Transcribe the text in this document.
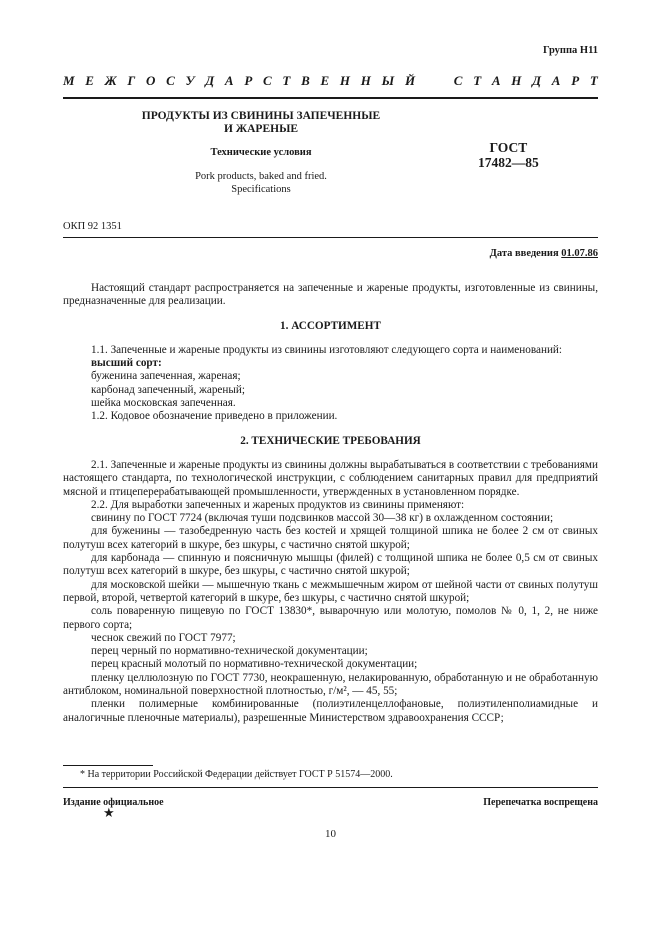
Группа Н11
М Е Ж Г О С У Д А Р С Т В Е Н Н Ы Й

	С Т А Н Д А Р Т
ПРОДУКТЫ ИЗ СВИНИНЫ ЗАПЕЧЕННЫЕ
И ЖАРЕНЫЕ
ГОСТ
17482—85
Технические условия
Pork products, baked and fried.
Specifications
ОКП 92 1351
Дата введения 01.07.86

Настоящий стандарт распространяется на запеченные и жареные продукты, изготовленные из свинины, предназначенные для реализации.

1. АССОРТИМЕНТ

1.1. Запеченные и жареные продукты из свинины изготовляют следующего сорта и наименований:

высший сорт:

буженина запеченная, жареная;

карбонад запеченный, жареный;

шейка московская запеченная.

1.2. Кодовое обозначение приведено в приложении.

2. ТЕХНИЧЕСКИЕ ТРЕБОВАНИЯ

2.1. Запеченные и жареные продукты из свинины должны вырабатываться в соответствии с требованиями настоящего стандарта, по технологической инструкции, с соблюдением санитарных правил для предприятий мясной и птицеперерабатывающей промышленности, утвержденных в установленном порядке.

2.2. Для выработки запеченных и жареных продуктов из свинины применяют:

свинину по ГОСТ 7724 (включая туши подсвинков массой 30—38 кг) в охлажденном состоянии;

для буженины — тазобедренную часть без костей и хрящей толщиной шпика не более 2 см от свиных полутуш всех категорий в шкуре, без шкуры, с частично снятой шкурой;

для карбонада — спинную и поясничную мышцы (филей) с толщиной шпика не более 0,5 см от свиных полутуш всех категорий в шкуре, без шкуры, с частично снятой шкурой;

для московской шейки — мышечную ткань с межмышечным жиром от шейной части от свиных полутуш первой, второй, четвертой категорий в шкуре, без шкуры, с частично снятой шкурой;

соль поваренную пищевую по ГОСТ 13830*, выварочную или молотую, помолов № 0, 1, 2, не ниже первого сорта;

чеснок свежий по ГОСТ 7977;

перец черный по нормативно-технической документации;

перец красный молотый по нормативно-технической документации;

пленку целлюлозную по ГОСТ 7730, неокрашенную, нелакированную, обработанную и не обработанную антиблоком, номинальной поверхностной плотностью, г/м², — 45, 55;

пленки полимерные комбинированные (полиэтиленцеллофановые, полиэтиленполиамидные и аналогичные пленочные материалы), разрешенные Министерством здравоохранения СССР;

* На территории Российской Федерации действует ГОСТ Р 51574—2000.
Издание официальное
★
Перепечатка воспрещена
10
